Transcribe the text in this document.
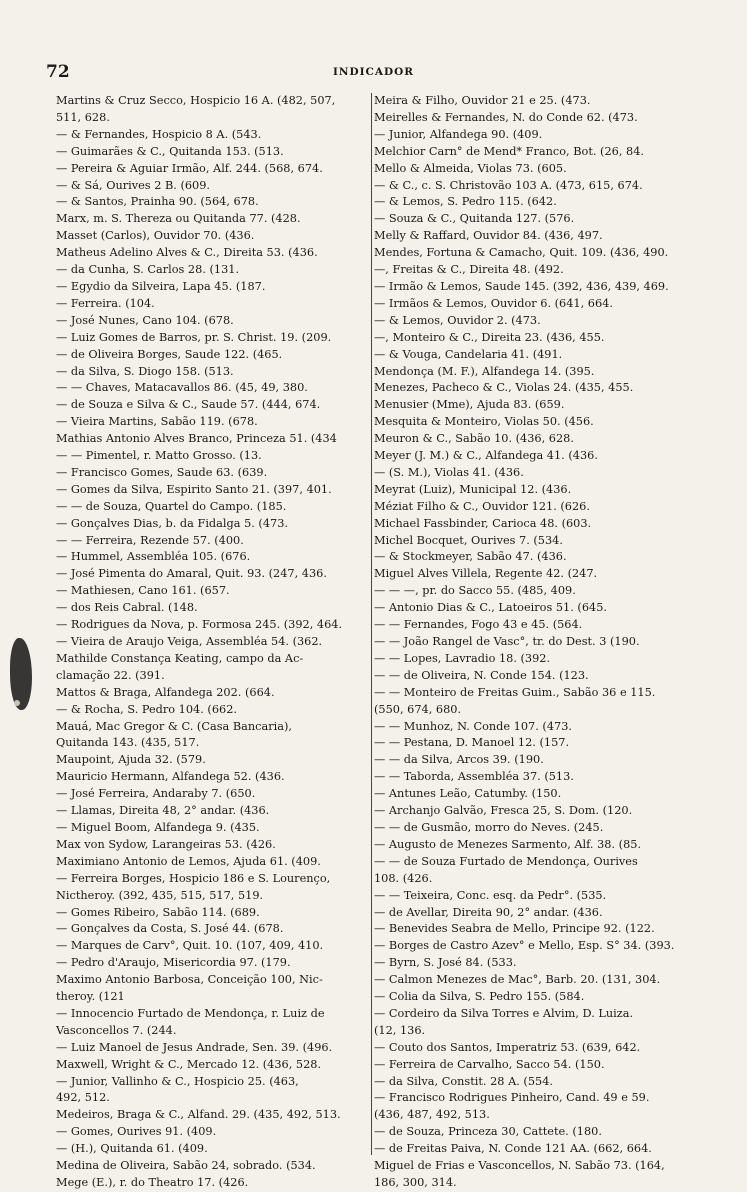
72	INDICADOR
Martins & Cruz Secco, Hospicio 16 A. (482, 507,
511, 628.
— & Fernandes, Hospicio 8 A. (543.
— Guimarães & C., Quitanda 153. (513.
— Pereira & Aguiar Irmão, Alf. 244. (568, 674.
— & Sá, Ourives 2 B. (609.
— & Santos, Prainha 90. (564, 678.
Marx, m. S. Thereza ou Quitanda 77. (428.
Masset (Carlos), Ouvidor 70. (436.
Matheus Adelino Alves & C., Direita 53. (436.
— da Cunha, S. Carlos 28. (131.
— Egydio da Silveira, Lapa 45. (187.
— Ferreira. (104.
— José Nunes, Cano 104. (678.
— Luiz Gomes de Barros, pr. S. Christ. 19. (209.
— de Oliveira Borges, Saude 122. (465.
— da Silva, S. Diogo 158. (513.
— — Chaves, Matacavallos 86. (45, 49, 380.
— de Souza e Silva & C., Saude 57. (444, 674.
— Vieira Martins, Sabão 119. (678.
Mathias Antonio Alves Branco, Princeza 51. (434
— — Pimentel, r. Matto Grosso. (13.
— Francisco Gomes, Saude 63. (639.
— Gomes da Silva, Espirito Santo 21. (397, 401.
— — de Souza, Quartel do Campo. (185.
— Gonçalves Dias, b. da Fidalga 5. (473.
— — Ferreira, Rezende 57. (400.
— Hummel, Assembléa 105. (676.
— José Pimenta do Amaral, Quit. 93. (247, 436.
— Mathiesen, Cano 161. (657.
— dos Reis Cabral. (148.
— Rodrigues da Nova, p. Formosa 245. (392, 464.
— Vieira de Araujo Veiga, Assembléa 54. (362.
Mathilde Constança Keating, campo da Ac-
clamação 22. (391.
Mattos & Braga, Alfandega 202. (664.
— & Rocha, S. Pedro 104. (662.
Mauá, Mac Gregor & C. (Casa Bancaria),
Quitanda 143. (435, 517.
Maupoint, Ajuda 32. (579.
Mauricio Hermann, Alfandega 52. (436.
— José Ferreira, Andaraby 7. (650.
— Llamas, Direita 48, 2° andar. (436.
— Miguel Boom, Alfandega 9. (435.
Max von Sydow, Larangeiras 53. (426.
Maximiano Antonio de Lemos, Ajuda 61. (409.
— Ferreira Borges, Hospicio 186 e S. Lourenço,
Nictheroy. (392, 435, 515, 517, 519.
— Gomes Ribeiro, Sabão 114. (689.
— Gonçalves da Costa, S. José 44. (678.
— Marques de Carv°, Quit. 10. (107, 409, 410.
— Pedro d'Araujo, Misericordia 97. (179.
Maximo Antonio Barbosa, Conceição 100, Nic-
theroy. (121
— Innocencio Furtado de Mendonça, r. Luiz de
Vasconcellos 7. (244.
— Luiz Manoel de Jesus Andrade, Sen. 39. (496.
Maxwell, Wright & C., Mercado 12. (436, 528.
— Junior, Vallinho & C., Hospicio 25. (463,
492, 512.
Medeiros, Braga & C., Alfand. 29. (435, 492, 513.
— Gomes, Ourives 91. (409.
— (H.), Quitanda 61. (409.
Medina de Oliveira, Sabão 24, sobrado. (534.
Mege (E.), r. do Theatro 17. (426.
Meira & Filho, Ouvidor 21 e 25. (473.
Meirelles & Fernandes, N. do Conde 62. (473.
— Junior, Alfandega 90. (409.
Melchior Carn° de Mend* Franco, Bot. (26, 84.
Mello & Almeida, Violas 73. (605.
— & C., c. S. Christovão 103 A. (473, 615, 674.
— & Lemos, S. Pedro 115. (642.
— Souza & C., Quitanda 127. (576.
Melly & Raffard, Ouvidor 84. (436, 497.
Mendes, Fortuna & Camacho, Quit. 109. (436, 490.
—, Freitas & C., Direita 48. (492.
— Irmão & Lemos, Saude 145. (392, 436, 439, 469.
— Irmãos & Lemos, Ouvidor 6. (641, 664.
— & Lemos, Ouvidor 2. (473.
—, Monteiro & C., Direita 23. (436, 455.
— & Vouga, Candelaria 41. (491.
Mendonça (M. F.), Alfandega 14. (395.
Menezes, Pacheco & C., Violas 24. (435, 455.
Menusier (Mme), Ajuda 83. (659.
Mesquita & Monteiro, Violas 50. (456.
Meuron & C., Sabão 10. (436, 628.
Meyer (J. M.) & C., Alfandega 41. (436.
— (S. M.), Violas 41. (436.
Meyrat (Luiz), Municipal 12. (436.
Méziat Filho & C., Ouvidor 121. (626.
Michael Fassbinder, Carioca 48. (603.
Michel Bocquet, Ourives 7. (534.
— & Stockmeyer, Sabão 47. (436.
Miguel Alves Villela, Regente 42. (247.
— — —, pr. do Sacco 55. (485, 409.
— Antonio Dias & C., Latoeiros 51. (645.
— — Fernandes, Fogo 43 e 45. (564.
— — João Rangel de Vasc°, tr. do Dest. 3 (190.
— — Lopes, Lavradio 18. (392.
— — de Oliveira, N. Conde 154. (123.
— — Monteiro de Freitas Guim., Sabão 36 e 115.
(550, 674, 680.
— — Munhoz, N. Conde 107. (473.
— — Pestana, D. Manoel 12. (157.
— — da Silva, Arcos 39. (190.
— — Taborda, Assembléa 37. (513.
— Antunes Leão, Catumby. (150.
— Archanjo Galvão, Fresca 25, S. Dom. (120.
— — de Gusmão, morro do Neves. (245.
— Augusto de Menezes Sarmento, Alf. 38. (85.
— — de Souza Furtado de Mendonça, Ourives
108. (426.
— — Teixeira, Conc. esq. da Pedr°. (535.
— de Avellar, Direita 90, 2° andar. (436.
— Benevides Seabra de Mello, Principe 92. (122.
— Borges de Castro Azev° e Mello, Esp. S° 34. (393.
— Byrn, S. José 84. (533.
— Calmon Menezes de Mac°, Barb. 20. (131, 304.
— Colia da Silva, S. Pedro 155. (584.
— Cordeiro da Silva Torres e Alvim, D. Luiza.
(12, 136.
— Couto dos Santos, Imperatriz 53. (639, 642.
— Ferreira de Carvalho, Sacco 54. (150.
— da Silva, Constit. 28 A. (554.
— Francisco Rodrigues Pinheiro, Cand. 49 e 59.
(436, 487, 492, 513.
— de Souza, Princeza 30, Cattete. (180.
— de Freitas Paiva, N. Conde 121 AA. (662, 664.
Miguel de Frias e Vasconcellos, N. Sabão 73. (164,
186, 300, 314.
